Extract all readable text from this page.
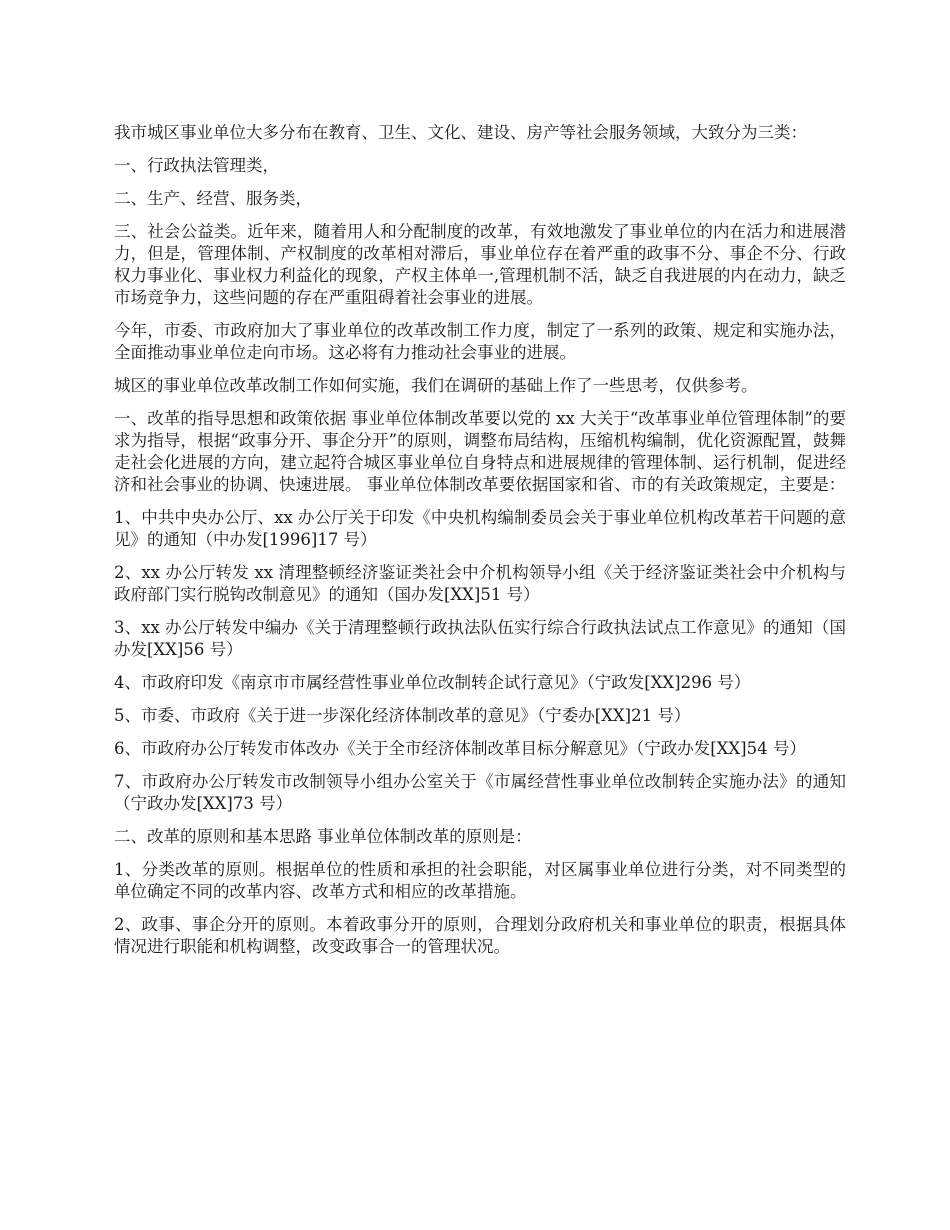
我市城区事业单位大多分布在教育、卫生、文化、建设、房产等社会服务领域，大致分为三类：

一、行政执法管理类，

二、生产、经营、服务类，

三、社会公益类。近年来，随着用人和分配制度的改革，有效地激发了事业单位的内在活力和进展潜力，但是，管理体制、产权制度的改革相对滞后，事业单位存在着严重的政事不分、事企不分、行政权力事业化、事业权力利益化的现象，产权主体单一,管理机制不活，缺乏自我进展的内在动力，缺乏市场竞争力，这些问题的存在严重阻碍着社会事业的进展。

今年，市委、市政府加大了事业单位的改革改制工作力度，制定了一系列的政策、规定和实施办法，全面推动事业单位走向市场。这必将有力推动社会事业的进展。

城区的事业单位改革改制工作如何实施，我们在调研的基础上作了一些思考，仅供参考。

一、改革的指导思想和政策依据 事业单位体制改革要以党的 xx 大关于“改革事业单位管理体制”的要求为指导，根据“政事分开、事企分开”的原则，调整布局结构，压缩机构编制，优化资源配置，鼓舞走社会化进展的方向，建立起符合城区事业单位自身特点和进展规律的管理体制、运行机制，促进经济和社会事业的协调、快速进展。 事业单位体制改革要依据国家和省、市的有关政策规定，主要是：

1、中共中央办公厅、xx 办公厅关于印发《中央机构编制委员会关于事业单位机构改革若干问题的意见》的通知（中办发[1996]17 号）

2、xx 办公厅转发 xx 清理整顿经济鉴证类社会中介机构领导小组《关于经济鉴证类社会中介机构与政府部门实行脱钩改制意见》的通知（国办发[XX]51 号）

3、xx 办公厅转发中编办《关于清理整顿行政执法队伍实行综合行政执法试点工作意见》的通知（国办发[XX]56 号）

4、市政府印发《南京市市属经营性事业单位改制转企试行意见》（宁政发[XX]296 号）

5、市委、市政府《关于进一步深化经济体制改革的意见》（宁委办[XX]21 号）

6、市政府办公厅转发市体改办《关于全市经济体制改革目标分解意见》（宁政办发[XX]54 号）

7、市政府办公厅转发市改制领导小组办公室关于《市属经营性事业单位改制转企实施办法》的通知（宁政办发[XX]73 号）

二、改革的原则和基本思路 事业单位体制改革的原则是：

1、分类改革的原则。根据单位的性质和承担的社会职能，对区属事业单位进行分类，对不同类型的单位确定不同的改革内容、改革方式和相应的改革措施。

2、政事、事企分开的原则。本着政事分开的原则，合理划分政府机关和事业单位的职责，根据具体情况进行职能和机构调整，改变政事合一的管理状况。
